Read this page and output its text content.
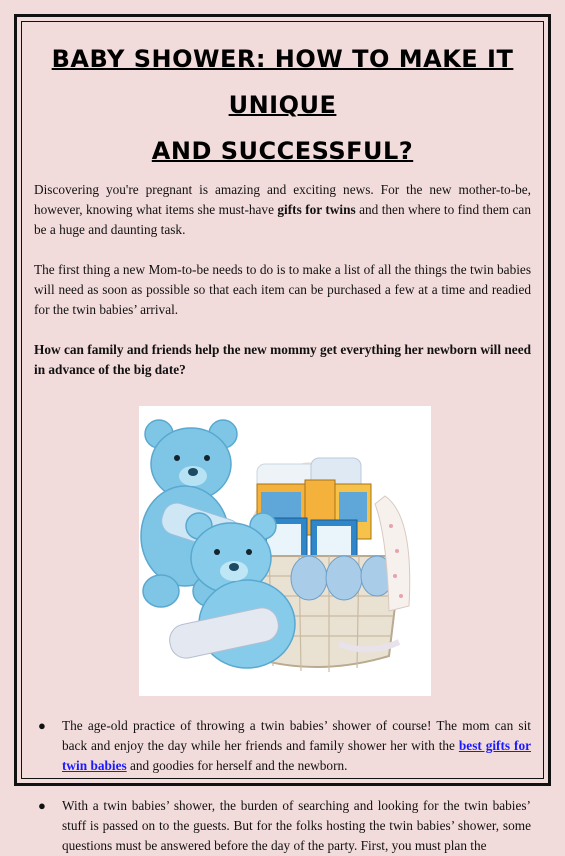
BABY SHOWER: HOW TO MAKE IT UNIQUE
AND SUCCESSFUL?

Discovering you're pregnant is amazing and exciting news. For the new mother-to-be, however, knowing what items she must-have gifts for twins and then where to find them can be a huge and daunting task.

The first thing a new Mom-to-be needs to do is to make a list of all the things the twin babies will need as soon as possible so that each item can be purchased a few at a time and readied for the twin babies’ arrival.

How can family and friends help the new mommy get everything her newborn will need in advance of the big date?

● The age-old practice of throwing a twin babies’ shower of course! The mom can sit back and enjoy the day while her friends and family shower her with the best gifts for twin babies and goodies for herself and the newborn.
● With a twin babies’ shower, the burden of searching and looking for the twin babies’ stuff is passed on to the guests. But for the folks hosting the twin babies’ shower, some questions must be answered before the day of the party. First, you must plan the
